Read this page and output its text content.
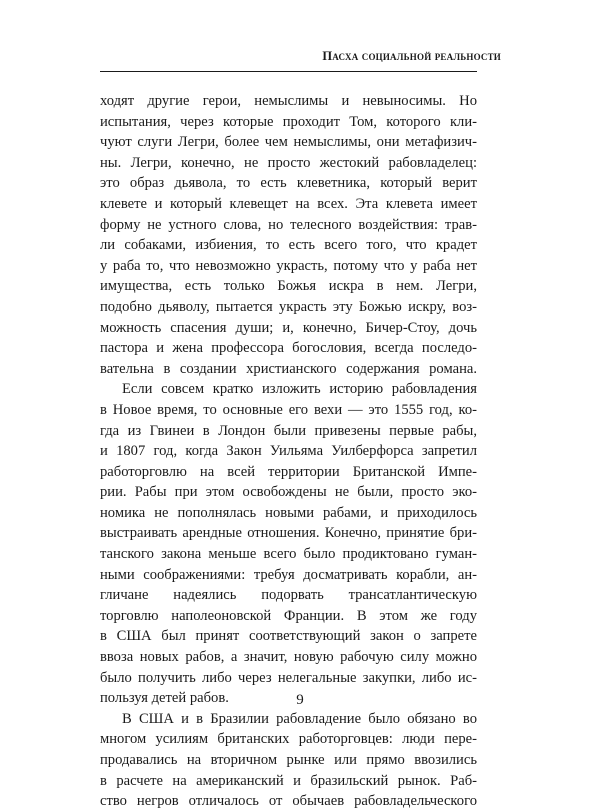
Пасха социальной реальности
ходят другие герои, немыслимы и невыносимы. Но
испытания, через которые проходит Том, которого кли-
чуют слуги Легри, более чем немыслимы, они метафизич-
ны. Легри, конечно, не просто жестокий рабовладелец:
это образ дьявола, то есть клеветника, который верит
клевете и который клевещет на всех. Эта клевета имеет
форму не устного слова, но телесного воздействия: трав-
ли собаками, избиения, то есть всего того, что крадет
у раба то, что невозможно украсть, потому что у раба нет
имущества, есть только Божья искра в нем. Легри,
подобно дьяволу, пытается украсть эту Божью искру, воз-
можность спасения души; и, конечно, Бичер-Стоу, дочь
пастора и жена профессора богословия, всегда последо-
вательна в создании христианского содержания романа.
Если совсем кратко изложить историю рабовладения
в Новое время, то основные его вехи — это 1555 год, ко-
гда из Гвинеи в Лондон были привезены первые рабы,
и 1807 год, когда Закон Уильяма Уилберфорса запретил
работорговлю на всей территории Британской Импе-
рии. Рабы при этом освобождены не были, просто эко-
номика не пополнялась новыми рабами, и приходилось
выстраивать арендные отношения. Конечно, принятие бри-
танского закона меньше всего было продиктовано гуман-
ными соображениями: требуя досматривать корабли, ан-
гличане надеялись подорвать трансатлантическую
торговлю наполеоновской Франции. В этом же году
в США был принят соответствующий закон о запрете
ввоза новых рабов, а значит, новую рабочую силу можно
было получить либо через нелегальные закупки, либо ис-
пользуя детей рабов.
В США и в Бразилии рабовладение было обязано во
многом усилиям британских работорговцев: люди пере-
продавались на вторичном рынке или прямо ввозились
в расчете на американский и бразильский рынок. Раб-
ство негров отличалось от обычаев рабовладельческого
9
